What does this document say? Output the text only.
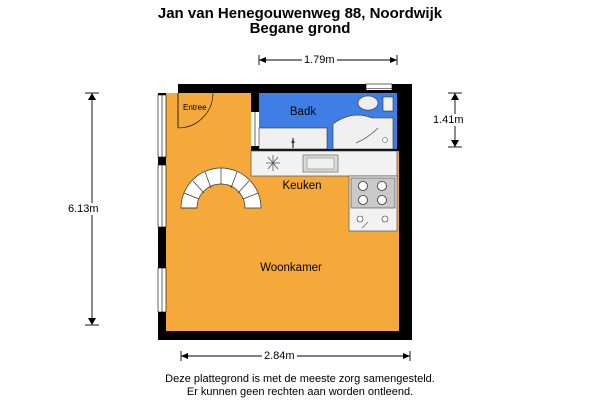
Jan van Henegouwenweg 88, Noordwijk
Begane grond
1.79m
1.41m
6.13m
2.84m
Entree	Badk
Keuken
Woonkamer
Deze plattegrond is met de meeste zorg samengesteld.
Er kunnen geen rechten aan worden ontleend.
